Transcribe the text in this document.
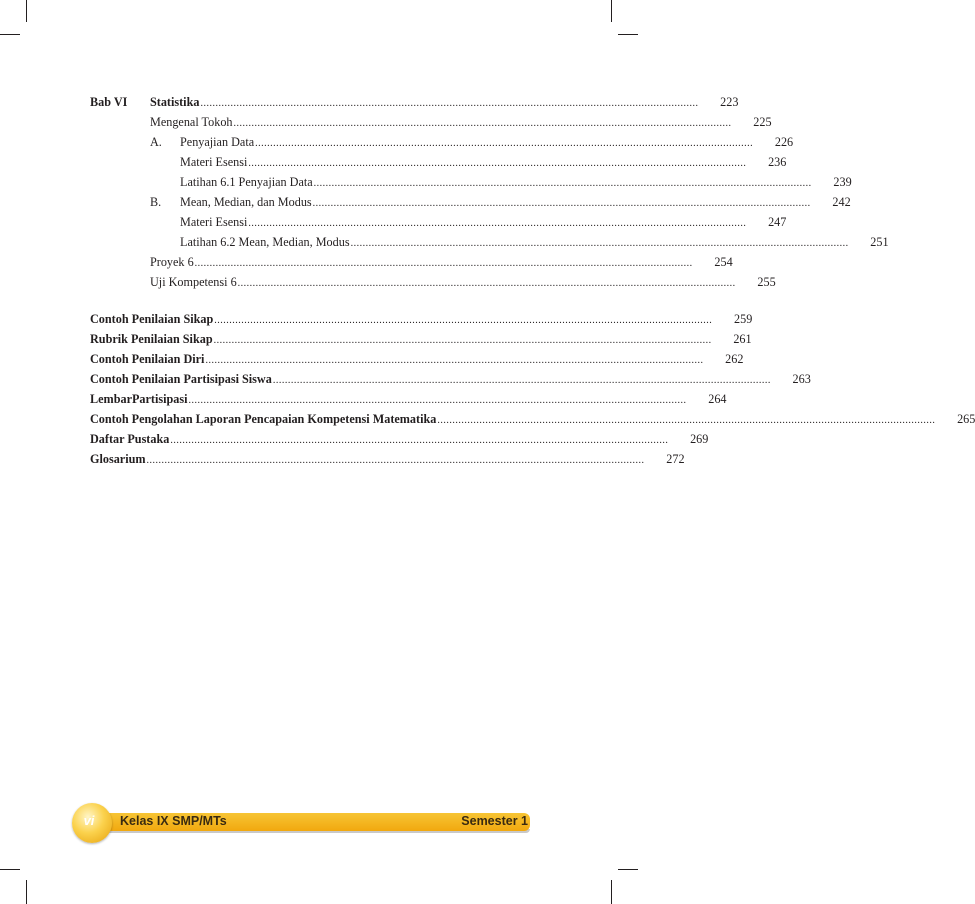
Bab VI	Statistika ......................................................................................................................................................................	223
Mengenal Tokoh ......................................................................................................................................................................	225
A.	Penyajian Data ......................................................................................................................................................................	226
Materi Esensi ......................................................................................................................................................................	236
Latihan 6.1 Penyajian Data ......................................................................................................................................................................	239
B.	Mean, Median, dan Modus ......................................................................................................................................................................	242
Materi Esensi ......................................................................................................................................................................	247
Latihan 6.2 Mean, Median, Modus ......................................................................................................................................................................	251
Proyek 6 ......................................................................................................................................................................	254
Uji Kompetensi 6 ......................................................................................................................................................................	255
Contoh Penilaian Sikap ......................................................................................................................................................................	259
Rubrik Penilaian Sikap ......................................................................................................................................................................	261
Contoh Penilaian Diri ......................................................................................................................................................................	262
Contoh Penilaian Partisipasi Siswa ......................................................................................................................................................................	263
LembarPartisipasi ......................................................................................................................................................................	264
Contoh Pengolahan Laporan Pencapaian Kompetensi Matematika ......................................................................................................................................................................	265
Daftar Pustaka ......................................................................................................................................................................	269
Glosarium ......................................................................................................................................................................	272
vi	Kelas IX SMP/MTs	Semester 1
